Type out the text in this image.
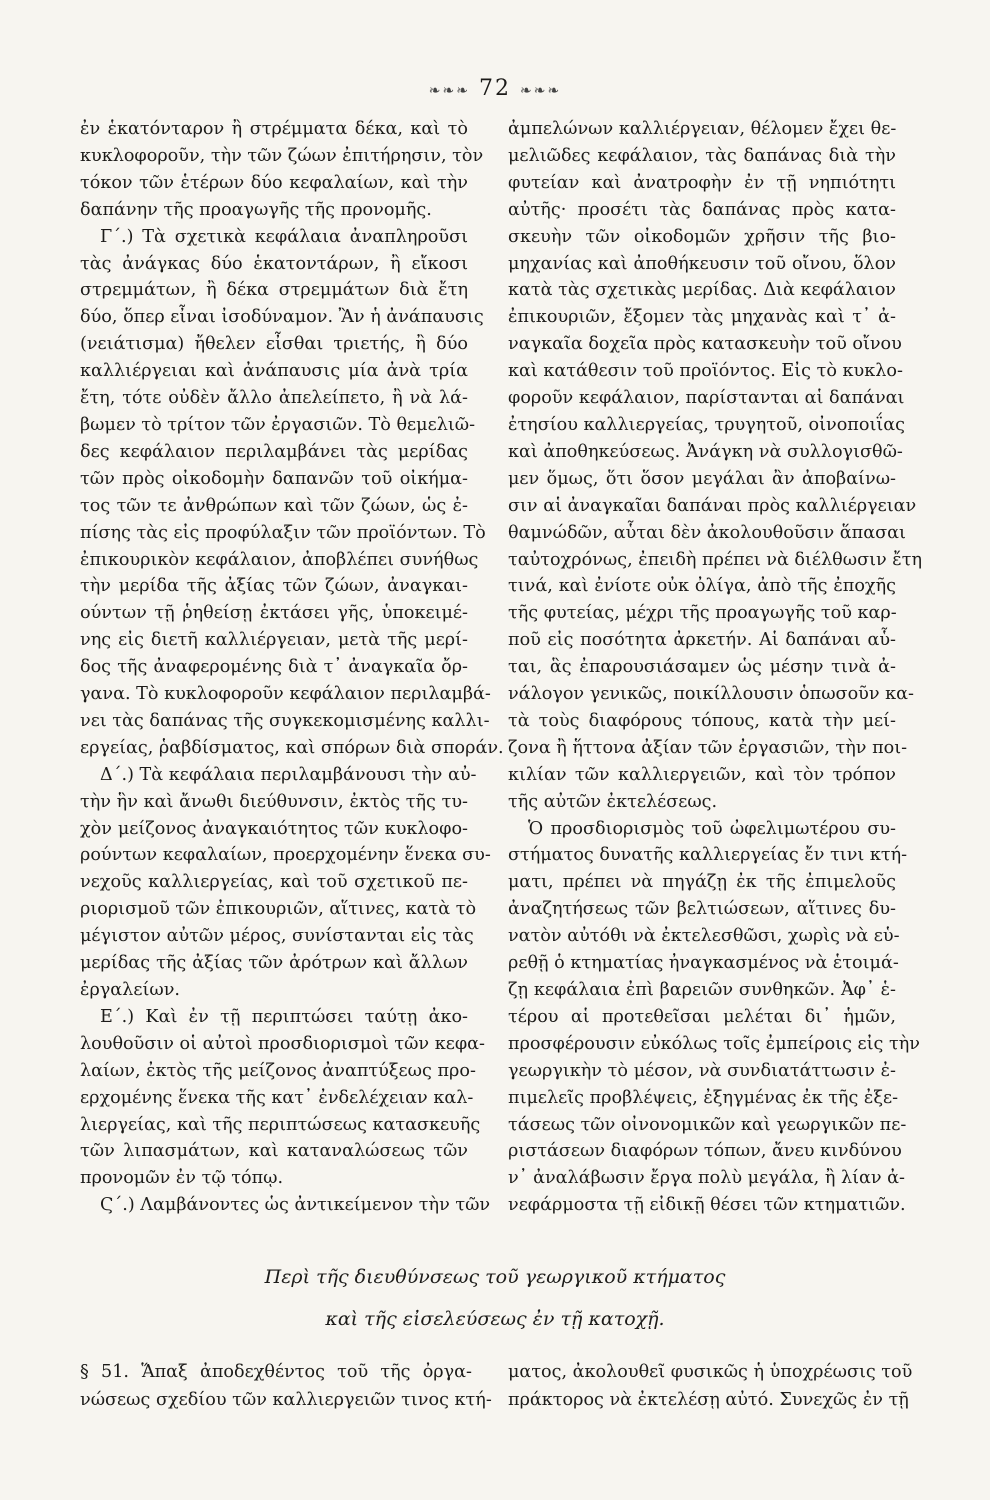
❧❧❧ 72 ❧❧❧
ἐν ἑκατόνταρον ἢ στρέμματα δέκα, καὶ τὸ
κυκλοφοροῦν, τὴν τῶν ζώων ἐπιτήρησιν, τὸν
τόκον τῶν ἑτέρων δύο κεφαλαίων, καὶ τὴν
δαπάνην τῆς προαγωγῆς τῆς προνομῆς.
Γ΄.) Τὰ σχετικὰ κεφάλαια ἀναπληροῦσι
τὰς ἀνάγκας δύο ἑκατοντάρων, ἢ εἴκοσι
στρεμμάτων, ἢ δέκα στρεμμάτων διὰ ἔτη
δύο, ὅπερ εἶναι ἰσοδύναμον. Ἂν ἡ ἀνάπαυσις
(νειάτισμα) ἤθελεν εἶσθαι τριετής, ἢ δύο
καλλιέργειαι καὶ ἀνάπαυσις μία ἀνὰ τρία
ἔτη, τότε οὐδὲν ἄλλο ἀπελείπετο, ἢ νὰ λά-
βωμεν τὸ τρίτον τῶν ἐργασιῶν. Τὸ θεμελιῶ-
δες κεφάλαιον περιλαμβάνει τὰς μερίδας
τῶν πρὸς οἰκοδομὴν δαπανῶν τοῦ οἰκήμα-
τος τῶν τε ἀνθρώπων καὶ τῶν ζώων, ὡς ἐ-
πίσης τὰς εἰς προφύλαξιν τῶν προϊόντων. Τὸ
ἐπικουρικὸν κεφάλαιον, ἀποβλέπει συνήθως
τὴν μερίδα τῆς ἀξίας τῶν ζώων, ἀναγκαι-
ούντων τῇ ῥηθείσῃ ἐκτάσει γῆς, ὑποκειμέ-
νης εἰς διετῆ καλλιέργειαν, μετὰ τῆς μερί-
δος τῆς ἀναφερομένης διὰ τ᾽ ἀναγκαῖα ὄρ-
γανα. Τὸ κυκλοφοροῦν κεφάλαιον περιλαμβά-
νει τὰς δαπάνας τῆς συγκεκομισμένης καλλι-
εργείας, ῥαβδίσματος, καὶ σπόρων διὰ σποράν.
Δ΄.) Τὰ κεφάλαια περιλαμβάνουσι τὴν αὐ-
τὴν ἣν καὶ ἄνωθι διεύθυνσιν, ἐκτὸς τῆς τυ-
χὸν μείζονος ἀναγκαιότητος τῶν κυκλοφο-
ρούντων κεφαλαίων, προερχομένην ἕνεκα συ-
νεχοῦς καλλιεργείας, καὶ τοῦ σχετικοῦ πε-
ριορισμοῦ τῶν ἐπικουριῶν, αἵτινες, κατὰ τὸ
μέγιστον αὐτῶν μέρος, συνίστανται εἰς τὰς
μερίδας τῆς ἀξίας τῶν ἀρότρων καὶ ἄλλων
ἐργαλείων.
Ε΄.) Καὶ ἐν τῇ περιπτώσει ταύτῃ ἀκο-
λουθοῦσιν οἱ αὐτοὶ προσδιορισμοὶ τῶν κεφα-
λαίων, ἐκτὸς τῆς μείζονος ἀναπτύξεως προ-
ερχομένης ἕνεκα τῆς κατ᾽ ἐνδελέχειαν καλ-
λιεργείας, καὶ τῆς περιπτώσεως κατασκευῆς
τῶν λιπασμάτων, καὶ καταναλώσεως τῶν
προνομῶν ἐν τῷ τόπῳ.
Ϛ΄.) Λαμβάνοντες ὡς ἀντικείμενον τὴν τῶν
ἀμπελώνων καλλιέργειαν, θέλομεν ἔχει θε-
μελιῶδες κεφάλαιον, τὰς δαπάνας διὰ τὴν
φυτείαν καὶ ἀνατροφὴν ἐν τῇ νηπιότητι
αὐτῆς· προσέτι τὰς δαπάνας πρὸς κατα-
σκευὴν τῶν οἰκοδομῶν χρῆσιν τῆς βιο-
μηχανίας καὶ ἀποθήκευσιν τοῦ οἴνου, ὅλον
κατὰ τὰς σχετικὰς μερίδας. Διὰ κεφάλαιον
ἐπικουριῶν, ἔξομεν τὰς μηχανὰς καὶ τ᾽ ἀ-
ναγκαῖα δοχεῖα πρὸς κατασκευὴν τοῦ οἴνου
καὶ κατάθεσιν τοῦ προϊόντος. Εἰς τὸ κυκλο-
φοροῦν κεφάλαιον, παρίστανται αἱ δαπάναι
ἐτησίου καλλιεργείας, τρυγητοῦ, οἰνοποιΐας
καὶ ἀποθηκεύσεως. Ἀνάγκη νὰ συλλογισθῶ-
μεν ὅμως, ὅτι ὅσον μεγάλαι ἂν ἀποβαίνω-
σιν αἱ ἀναγκαῖαι δαπάναι πρὸς καλλιέργειαν
θαμνώδῶν, αὗται δὲν ἀκολουθοῦσιν ἅπασαι
ταὐτοχρόνως, ἐπειδὴ πρέπει νὰ διέλθωσιν ἔτη
τινά, καὶ ἐνίοτε οὐκ ὀλίγα, ἀπὸ τῆς ἐποχῆς
τῆς φυτείας, μέχρι τῆς προαγωγῆς τοῦ καρ-
ποῦ εἰς ποσότητα ἀρκετήν. Αἱ δαπάναι αὗ-
ται, ἃς ἐπαρουσιάσαμεν ὡς μέσην τινὰ ἀ-
νάλογον γενικῶς, ποικίλλουσιν ὁπωσοῦν κα-
τὰ τοὺς διαφόρους τόπους, κατὰ τὴν μεί-
ζονα ἢ ἥττονα ἀξίαν τῶν ἐργασιῶν, τὴν ποι-
κιλίαν τῶν καλλιεργειῶν, καὶ τὸν τρόπον
τῆς αὐτῶν ἐκτελέσεως.
Ὁ προσδιορισμὸς τοῦ ὠφελιμωτέρου συ-
στήματος δυνατῆς καλλιεργείας ἔν τινι κτή-
ματι, πρέπει νὰ πηγάζῃ ἐκ τῆς ἐπιμελοῦς
ἀναζητήσεως τῶν βελτιώσεων, αἵτινες δυ-
νατὸν αὐτόθι νὰ ἐκτελεσθῶσι, χωρὶς νὰ εὑ-
ρεθῇ ὁ κτηματίας ἠναγκασμένος νὰ ἑτοιμά-
ζῃ κεφάλαια ἐπὶ βαρειῶν συνθηκῶν. Ἀφ᾽ ἑ-
τέρου αἱ προτεθεῖσαι μελέται δι᾽ ἡμῶν,
προσφέρουσιν εὐκόλως τοῖς ἐμπείροις εἰς τὴν
γεωργικὴν τὸ μέσον, νὰ συνδιατάττωσιν ἐ-
πιμελεῖς προβλέψεις, ἐξηγμένας ἐκ τῆς ἐξε-
τάσεως τῶν οἰνονομικῶν καὶ γεωργικῶν πε-
ριστάσεων διαφόρων τόπων, ἄνευ κινδύνου
ν᾽ ἀναλάβωσιν ἔργα πολὺ μεγάλα, ἢ λίαν ἀ-
νεφάρμοστα τῇ εἰδικῇ θέσει τῶν κτηματιῶν.
Περὶ τῆς διευθύνσεως τοῦ γεωργικοῦ κτήματος
καὶ τῆς εἰσελεύσεως ἐν τῇ κατοχῇ.
§ 51. Ἅπαξ ἀποδεχθέντος τοῦ τῆς ὀργα-
νώσεως σχεδίου τῶν καλλιεργειῶν τινος κτή-
ματος, ἀκολουθεῖ φυσικῶς ἡ ὑποχρέωσις τοῦ
πράκτορος νὰ ἐκτελέσῃ αὐτό. Συνεχῶς ἐν τῇ
